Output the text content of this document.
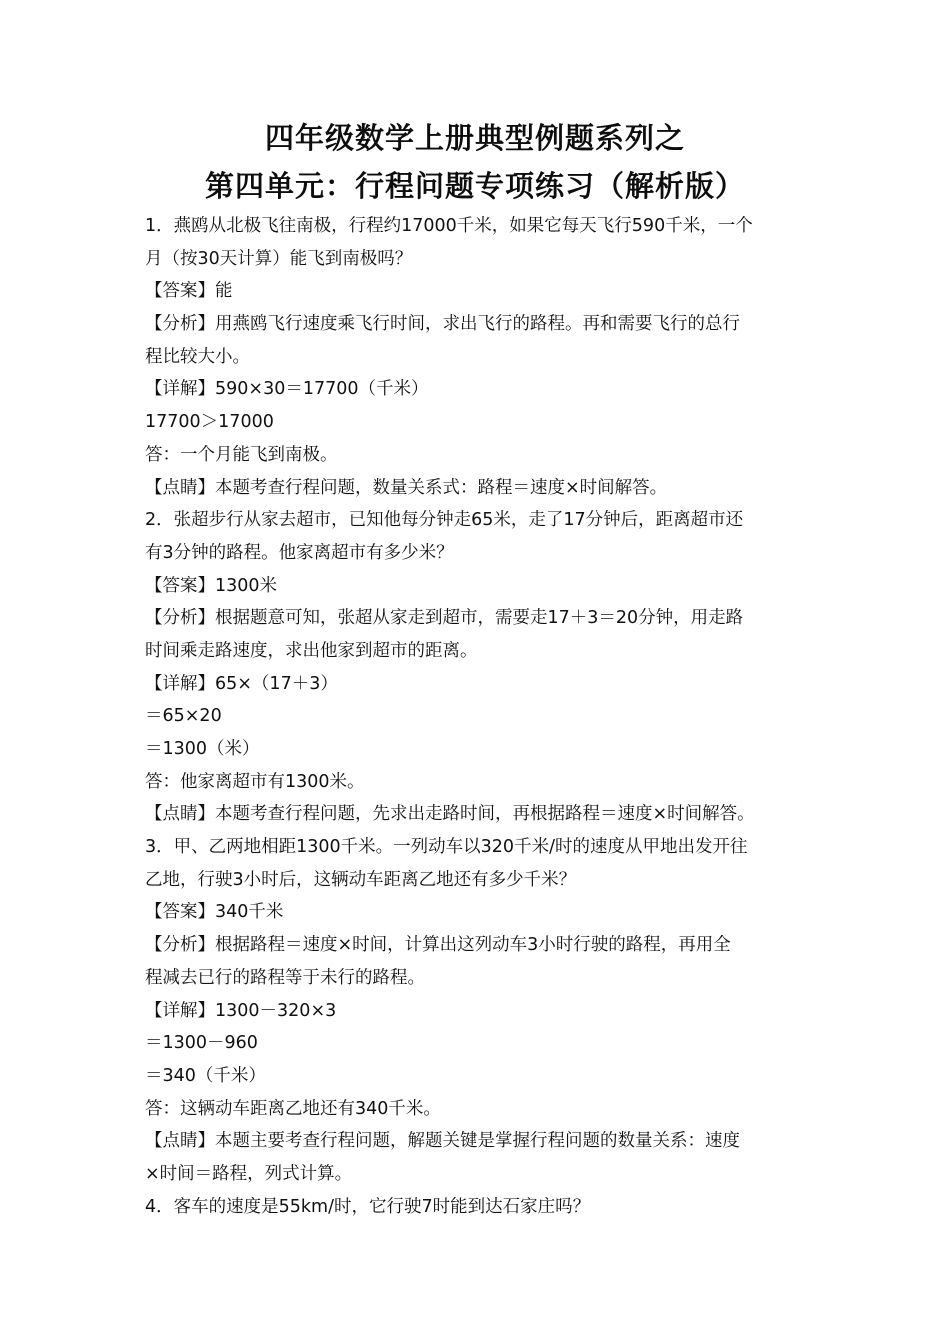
四年级数学上册典型例题系列之
第四单元：行程问题专项练习（解析版）
1．燕鸥从北极飞往南极，行程约17000千米，如果它每天飞行590千米，一个
月（按30天计算）能飞到南极吗？
【答案】能
【分析】用燕鸥飞行速度乘飞行时间，求出飞行的路程。再和需要飞行的总行
程比较大小。
【详解】590×30＝17700（千米）
17700＞17000
答：一个月能飞到南极。
【点睛】本题考查行程问题，数量关系式：路程＝速度×时间解答。
2．张超步行从家去超市，已知他每分钟走65米，走了17分钟后，距离超市还
有3分钟的路程。他家离超市有多少米？
【答案】1300米
【分析】根据题意可知，张超从家走到超市，需要走17＋3＝20分钟，用走路
时间乘走路速度，求出他家到超市的距离。
【详解】65×（17＋3）
＝65×20
＝1300（米）
答：他家离超市有1300米。
【点睛】本题考查行程问题，先求出走路时间，再根据路程＝速度×时间解答。
3．甲、乙两地相距1300千米。一列动车以320千米/时的速度从甲地出发开往
乙地，行驶3小时后，这辆动车距离乙地还有多少千米？
【答案】340千米
【分析】根据路程＝速度×时间，计算出这列动车3小时行驶的路程，再用全
程减去已行的路程等于未行的路程。
【详解】1300－320×3
＝1300－960
＝340（千米）
答：这辆动车距离乙地还有340千米。
【点睛】本题主要考查行程问题，解题关键是掌握行程问题的数量关系：速度
×时间＝路程，列式计算。
4．客车的速度是55km/时，它行驶7时能到达石家庄吗？
